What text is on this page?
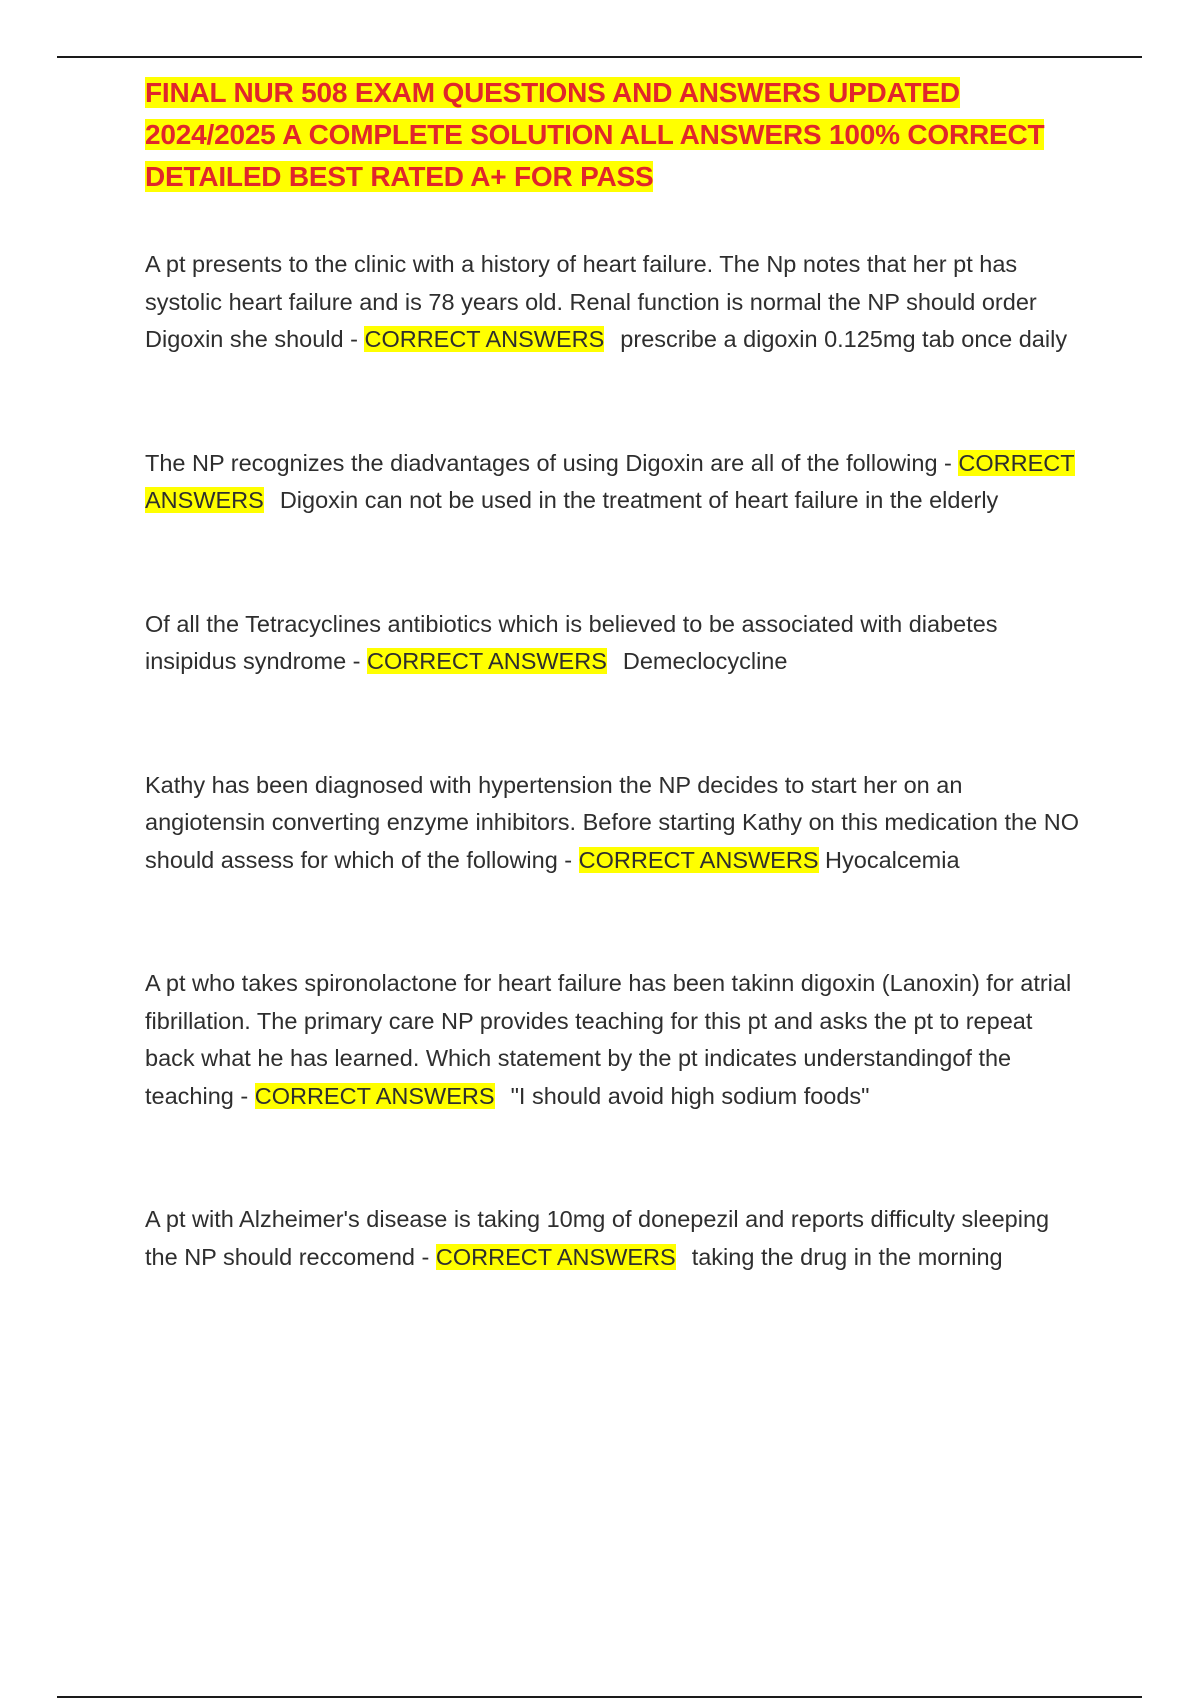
FINAL NUR 508 EXAM QUESTIONS AND ANSWERS UPDATED 2024/2025 A COMPLETE SOLUTION ALL ANSWERS 100% CORRECT DETAILED BEST RATED A+ FOR PASS

A pt presents to the clinic with a history of heart failure. The Np notes that her pt has systolic heart failure and is 78 years old. Renal function is normal the NP should order Digoxin she should - CORRECT ANSWERS prescribe a digoxin 0.125mg tab once daily

The NP recognizes the diadvantages of using Digoxin are all of the following - CORRECT ANSWERS Digoxin can not be used in the treatment of heart failure in the elderly

Of all the Tetracyclines antibiotics which is believed to be associated with diabetes insipidus syndrome - CORRECT ANSWERS Demeclocycline

Kathy has been diagnosed with hypertension the NP decides to start her on an angiotensin converting enzyme inhibitors. Before starting Kathy on this medication the NO should assess for which of the following - CORRECT ANSWERS Hyocalcemia

A pt who takes spironolactone for heart failure has been takinn digoxin (Lanoxin) for atrial fibrillation. The primary care NP provides teaching for this pt and asks the pt to repeat back what he has learned. Which statement by the pt indicates understandingof the teaching - CORRECT ANSWERS "I should avoid high sodium foods"

A pt with Alzheimer's disease is taking 10mg of donepezil and reports difficulty sleeping the NP should reccomend - CORRECT ANSWERS taking the drug in the morning
